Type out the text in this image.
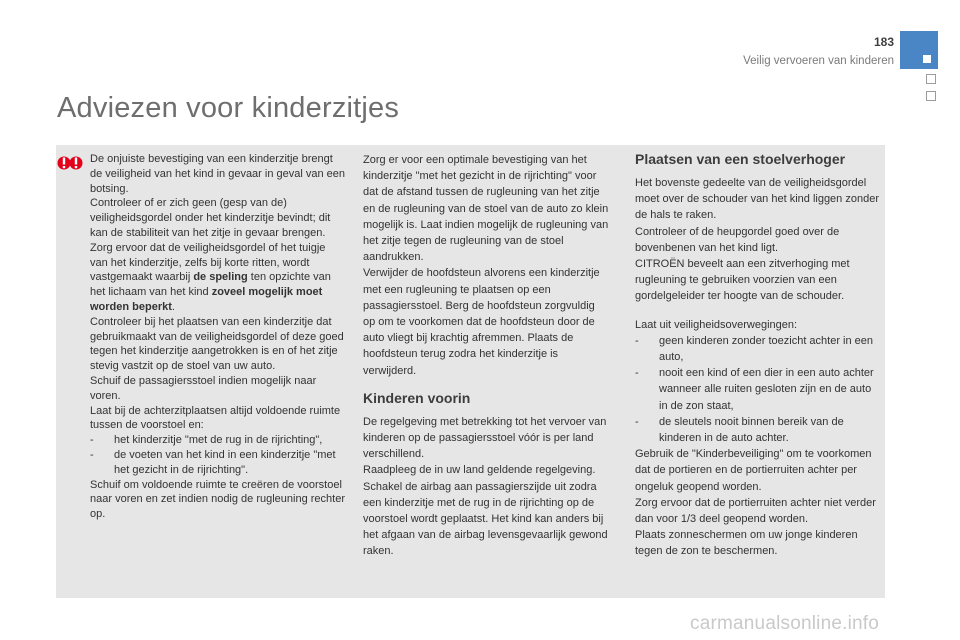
183
Veilig vervoeren van kinderen
Adviezen voor kinderzitjes

De onjuiste bevestiging van een kinderzitje brengt de veiligheid van het kind in gevaar in geval van een botsing.

Controleer of er zich geen (gesp van de) veiligheidsgordel onder het kinderzitje bevindt; dit kan de stabiliteit van het zitje in gevaar brengen.

Zorg ervoor dat de veiligheidsgordel of het tuigje van het kinderzitje, zelfs bij korte ritten, wordt vastgemaakt waarbij de speling ten opzichte van het lichaam van het kind zoveel mogelijk moet worden beperkt.

Controleer bij het plaatsen van een kinderzitje dat gebruikmaakt van de veiligheidsgordel of deze goed tegen het kinderzitje aangetrokken is en of het zitje stevig vastzit op de stoel van uw auto.

Schuif de passagiersstoel indien mogelijk naar voren.

Laat bij de achterzitplaatsen altijd voldoende ruimte tussen de voorstoel en:

- het kinderzitje "met de rug in de rijrichting",
- de voeten van het kind in een kinderzitje "met het gezicht in de rijrichting".

Schuif om voldoende ruimte te creëren de voorstoel naar voren en zet indien nodig de rugleuning rechter op.

Zorg er voor een optimale bevestiging van het kinderzitje "met het gezicht in de rijrichting" voor dat de afstand tussen de rugleuning van het zitje en de rugleuning van de stoel van de auto zo klein mogelijk is. Laat indien mogelijk de rugleuning van het zitje tegen de rugleuning van de stoel aandrukken.

Verwijder de hoofdsteun alvorens een kinderzitje met een rugleuning te plaatsen op een passagiersstoel. Berg de hoofdsteun zorgvuldig op om te voorkomen dat de hoofdsteun door de auto vliegt bij krachtig afremmen. Plaats de hoofdsteun terug zodra het kinderzitje is verwijderd.

Kinderen voorin

De regelgeving met betrekking tot het vervoer van kinderen op de passagiersstoel vóór is per land verschillend.

Raadpleeg de in uw land geldende regelgeving.

Schakel de airbag aan passagierszijde uit zodra een kinderzitje met de rug in de rijrichting op de voorstoel wordt geplaatst. Het kind kan anders bij het afgaan van de airbag levensgevaarlijk gewond raken.

Plaatsen van een stoelverhoger

Het bovenste gedeelte van de veiligheidsgordel moet over de schouder van het kind liggen zonder de hals te raken.

Controleer of de heupgordel goed over de bovenbenen van het kind ligt.

CITROËN beveelt aan een zitverhoging met rugleuning te gebruiken voorzien van een gordelgeleider ter hoogte van de schouder.

Laat uit veiligheidsoverwegingen:

- geen kinderen zonder toezicht achter in een auto,
- nooit een kind of een dier in een auto achter wanneer alle ruiten gesloten zijn en de auto in de zon staat,
- de sleutels nooit binnen bereik van de kinderen in de auto achter.

Gebruik de "Kinderbeveiliging" om te voorkomen dat de portieren en de portierruiten achter per ongeluk geopend worden.

Zorg ervoor dat de portierruiten achter niet verder dan voor 1/3 deel geopend worden.

Plaats zonneschermen om uw jonge kinderen tegen de zon te beschermen.

carmanualsonline.info
